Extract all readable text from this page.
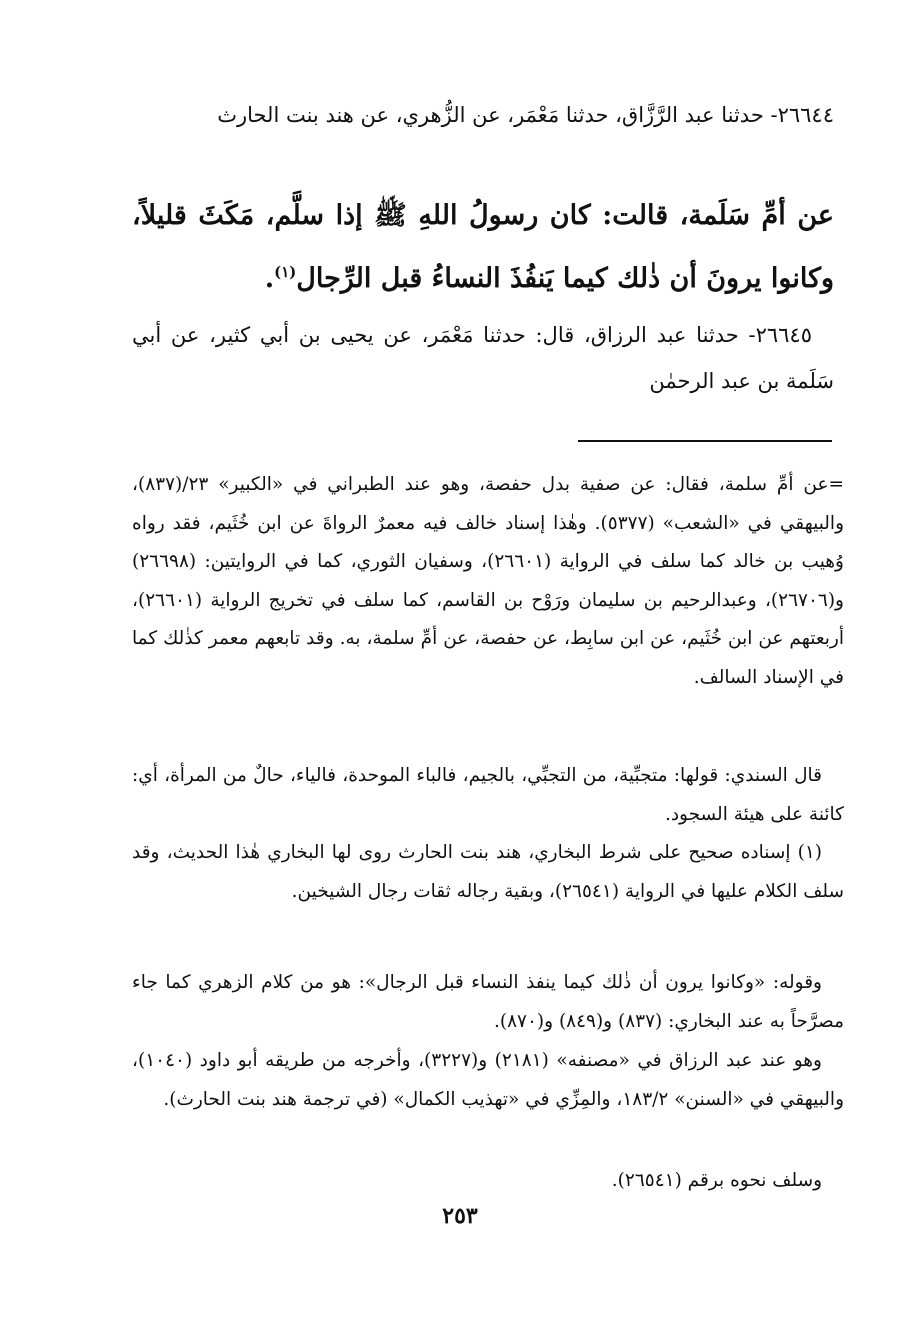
٢٦٦٤٤- حدثنا عبد الرَّزَّاق، حدثنا مَعْمَر، عن الزُّهري، عن هند بنت الحارث

عن أمِّ سَلَمة، قالت: كان رسولُ اللهِ ﷺ إذا سلَّم، مَكَثَ قليلاً، وكانوا يرونَ أن ذٰلك كيما يَنفُذَ النساءُ قبل الرِّجال$^{(١)}$.

٢٦٦٤٥- حدثنا عبد الرزاق، قال: حدثنا مَعْمَر، عن يحيى بن أبي كثير، عن أبي سَلَمة بن عبد الرحمٰن

=عن أمِّ سلمة، فقال: عن صفية بدل حفصة، وهو عند الطبراني في «الكبير» ٢٣/(٨٣٧)، والبيهقي في «الشعب» (٥٣٧٧). وهٰذا إسناد خالف فيه معمرٌ الرواةَ عن ابن خُثَيم، فقد رواه وُهيب بن خالد كما سلف في الرواية (٢٦٦٠١)، وسفيان الثوري، كما في الروايتين: (٢٦٦٩٨) و(٢٦٧٠٦)، وعبدالرحيم بن سليمان ورَوْح بن القاسم، كما سلف في تخريج الرواية (٢٦٦٠١)، أربعتهم عن ابن خُثَيم، عن ابن سابِط، عن حفصة، عن أمِّ سلمة، به. وقد تابعهم معمر كذٰلك كما في الإسناد السالف.

قال السندي: قولها: متجبِّية، من التجبِّي، بالجيم، فالباء الموحدة، فالياء، حالٌ من المرأة، أي: كائنة على هيئة السجود.

(١) إسناده صحيح على شرط البخاري، هند بنت الحارث روى لها البخاري هٰذا الحديث، وقد سلف الكلام عليها في الرواية (٢٦٥٤١)، وبقية رجاله ثقات رجال الشيخين.

وقوله: «وكانوا يرون أن ذٰلك كيما ينفذ النساء قبل الرجال»: هو من كلام الزهري كما جاء مصرَّحاً به عند البخاري: (٨٣٧) و(٨٤٩) و(٨٧٠).

وهو عند عبد الرزاق في «مصنفه» (٢١٨١) و(٣٢٢٧)، وأخرجه من طريقه أبو داود (١٠٤٠)، والبيهقي في «السنن» ١٨٣/٢، والمِزِّي في «تهذيب الكمال» (في ترجمة هند بنت الحارث).

وسلف نحوه برقم (٢٦٥٤١).

٢٥٣
